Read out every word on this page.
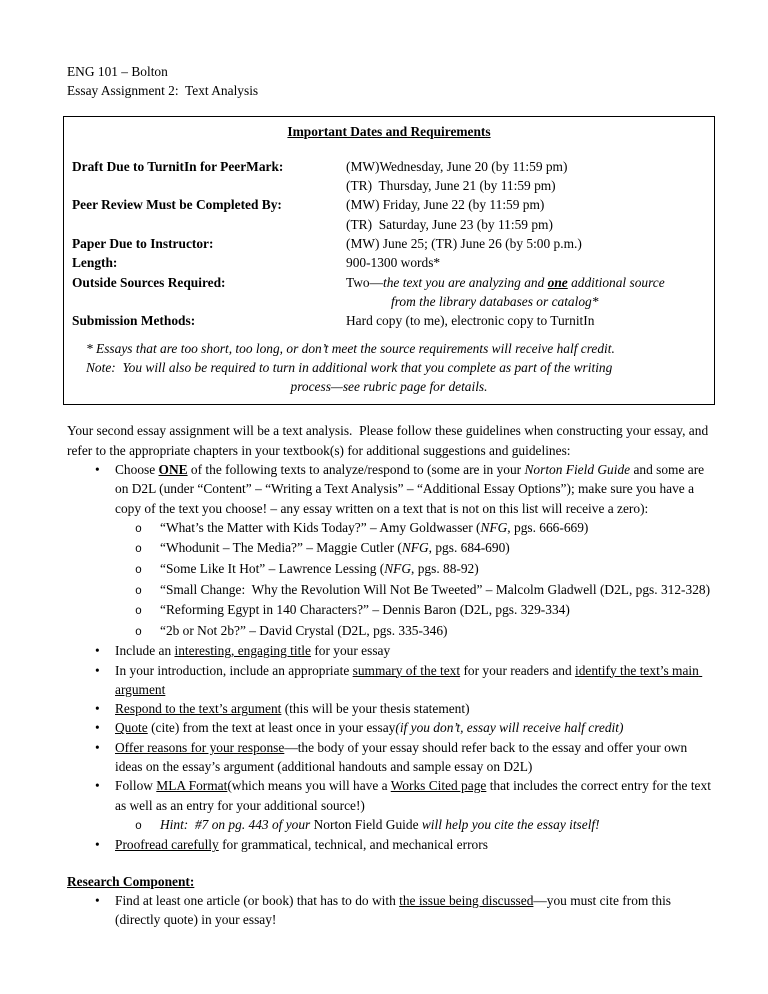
ENG 101 – Bolton
Essay Assignment 2:  Text Analysis
Important Dates and Requirements
Draft Due to TurnitIn for PeerMark:	(MW)Wednesday, June 20 (by 11:59 pm)
(TR)  Thursday, June 21 (by 11:59 pm)
Peer Review Must be Completed By:	(MW) Friday, June 22 (by 11:59 pm)
(TR)  Saturday, June 23 (by 11:59 pm)
Paper Due to Instructor:	(MW) June 25; (TR) June 26 (by 5:00 p.m.)
Length:	900-1300 words*
Outside Sources Required:	Two—the text you are analyzing and one additional source
from the library databases or catalog*
Submission Methods:	Hard copy (to me), electronic copy to TurnitIn
* Essays that are too short, too long, or don’t meet the source requirements will receive half credit.
Note:  You will also be required to turn in additional work that you complete as part of the writing
process—see rubric page for details.
Your second essay assignment will be a text analysis.  Please follow these guidelines when constructing your essay, and refer to the appropriate chapters in your textbook(s) for additional suggestions and guidelines:
•
Choose ONE of the following texts to analyze/respond to (some are in your Norton Field Guide and some are on D2L (under “Content” – “Writing a Text Analysis” – “Additional Essay Options”); make sure you have a copy of the text you choose! – any essay written on a text that is not on this list will receive a zero):
o
“What’s the Matter with Kids Today?” – Amy Goldwasser (NFG, pgs. 666-669)
o
“Whodunit – The Media?” – Maggie Cutler (NFG, pgs. 684-690)
o
“Some Like It Hot” – Lawrence Lessing (NFG, pgs. 88-92)
o
“Small Change:  Why the Revolution Will Not Be Tweeted” – Malcolm Gladwell (D2L, pgs. 312-328)
o
“Reforming Egypt in 140 Characters?” – Dennis Baron (D2L, pgs. 329-334)
o
“2b or Not 2b?” – David Crystal (D2L, pgs. 335-346)
•
Include an interesting, engaging title for your essay
•
In your introduction, include an appropriate summary of the text for your readers and identify the text’s main argument
•
Respond to the text’s argument (this will be your thesis statement)
•
Quote (cite) from the text at least once in your essay(if you don’t, essay will receive half credit)
•
Offer reasons for your response—the body of your essay should refer back to the essay and offer your own ideas on the essay’s argument (additional handouts and sample essay on D2L)
•
Follow MLA Format(which means you will have a Works Cited page that includes the correct entry for the text as well as an entry for your additional source!)
o
Hint:  #7 on pg. 443 of your Norton Field Guide will help you cite the essay itself!
•
Proofread carefully for grammatical, technical, and mechanical errors
Research Component:
•
Find at least one article (or book) that has to do with the issue being discussed—you must cite from this (directly quote) in your essay!
